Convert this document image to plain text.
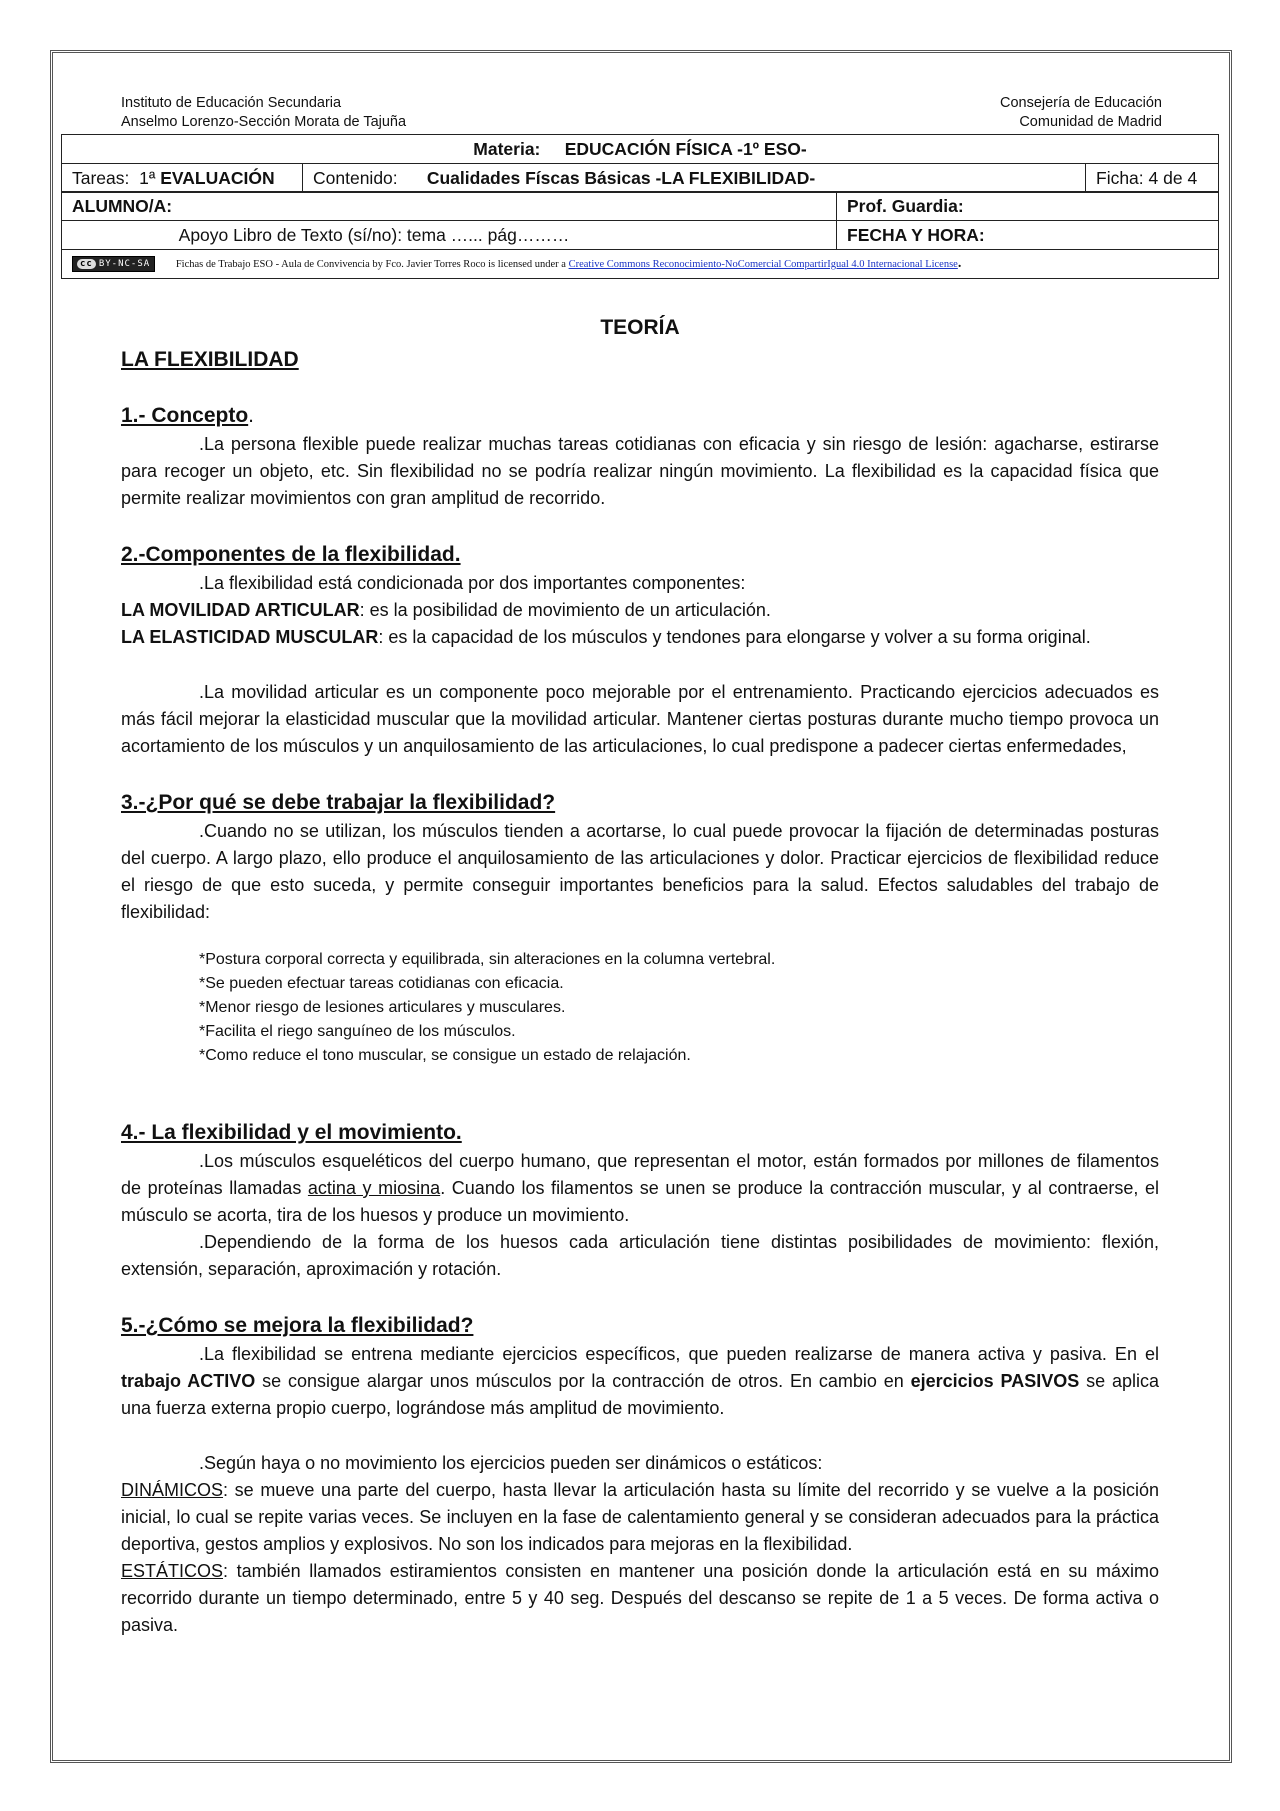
Instituto de Educación Secundaria
Anselmo Lorenzo-Sección Morata de Tajuña
Consejería de Educación
Comunidad de Madrid
Materia: EDUCACIÓN FÍSICA -1º ESO-
Tareas: 1ª EVALUACIÓN	Contenido: Cualidades Físcas Básicas -LA FLEXIBILIDAD-	Ficha: 4 de 4
ALUMNO/A:	Prof. Guardia:
Apoyo Libro de Texto (sí/no): tema …... pág………	FECHA Y HORA:
cc BY-NC-SA Fichas de Trabajo ESO - Aula de Convivencia by Fco. Javier Torres Roco is licensed under a Creative Commons Reconocimiento-NoComercial CompartirIgual 4.0 Internacional License.	
TEORÍA
LA FLEXIBILIDAD
1.- Concepto.

.La persona flexible puede realizar muchas tareas cotidianas con eficacia y sin riesgo de lesión: agacharse, estirarse para recoger un objeto, etc. Sin flexibilidad no se podría realizar ningún movimiento. La flexibilidad es la capacidad física que permite realizar movimientos con gran amplitud de recorrido.

2.-Componentes de la flexibilidad.

.La flexibilidad está condicionada por dos importantes componentes:

LA MOVILIDAD ARTICULAR: es la posibilidad de movimiento de un articulación.

LA ELASTICIDAD MUSCULAR: es la capacidad de los músculos y tendones para elongarse y volver a su forma original.

.La movilidad articular es un componente poco mejorable por el entrenamiento. Practicando ejercicios adecuados es más fácil mejorar la elasticidad muscular que la movilidad articular. Mantener ciertas posturas durante mucho tiempo provoca un acortamiento de los músculos y un anquilosamiento de las articulaciones, lo cual predispone a padecer ciertas enfermedades,

3.-¿Por qué se debe trabajar la flexibilidad?

.Cuando no se utilizan, los músculos tienden a acortarse, lo cual puede provocar la fijación de determinadas posturas del cuerpo. A largo plazo, ello produce el anquilosamiento de las articulaciones y dolor. Practicar ejercicios de flexibilidad reduce el riesgo de que esto suceda, y permite conseguir importantes beneficios para la salud. Efectos saludables del trabajo de flexibilidad:

*Postura corporal correcta y equilibrada, sin alteraciones en la columna vertebral.
*Se pueden efectuar tareas cotidianas con eficacia.
*Menor riesgo de lesiones articulares y musculares.
*Facilita el riego sanguíneo de los músculos.
*Como reduce el tono muscular, se consigue un estado de relajación.
4.- La flexibilidad y el movimiento.

.Los músculos esqueléticos del cuerpo humano, que representan el motor, están formados por millones de filamentos de proteínas llamadas actina y miosina. Cuando los filamentos se unen se produce la contracción muscular, y al contraerse, el músculo se acorta, tira de los huesos y produce un movimiento.

.Dependiendo de la forma de los huesos cada articulación tiene distintas posibilidades de movimiento: flexión, extensión, separación, aproximación y rotación.

5.-¿Cómo se mejora la flexibilidad?

.La flexibilidad se entrena mediante ejercicios específicos, que pueden realizarse de manera activa y pasiva. En el trabajo ACTIVO se consigue alargar unos músculos por la contracción de otros. En cambio en ejercicios PASIVOS se aplica una fuerza externa propio cuerpo, lográndose más amplitud de movimiento.

.Según haya o no movimiento los ejercicios pueden ser dinámicos o estáticos:

DINÁMICOS: se mueve una parte del cuerpo, hasta llevar la articulación hasta su límite del recorrido y se vuelve a la posición inicial, lo cual se repite varias veces. Se incluyen en la fase de calentamiento general y se consideran adecuados para la práctica deportiva, gestos amplios y explosivos. No son los indicados para mejoras en la flexibilidad.

ESTÁTICOS: también llamados estiramientos consisten en mantener una posición donde la articulación está en su máximo recorrido durante un tiempo determinado, entre 5 y 40 seg. Después del descanso se repite de 1 a 5 veces. De forma activa o pasiva.
